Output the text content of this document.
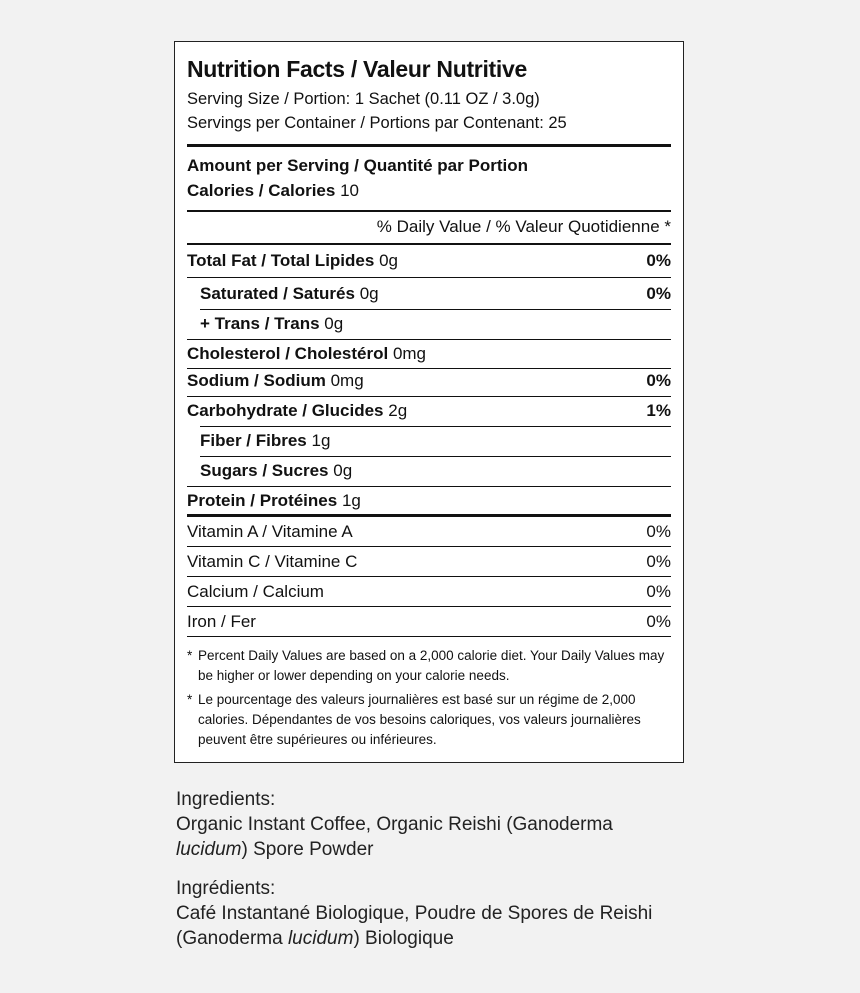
Nutrition Facts / Valeur Nutritive
Serving Size / Portion: 1 Sachet (0.11 OZ / 3.0g)
Servings per Container / Portions par Contenant: 25
Amount per Serving / Quantité par Portion
Calories / Calories 10
% Daily Value / % Valeur Quotidienne *
Total Fat / Total Lipides 0g	0%
Saturated / Saturés 0g	0%
+ Trans / Trans 0g
Cholesterol / Cholestérol 0mg
Sodium / Sodium 0mg	0%
Carbohydrate / Glucides 2g	1%
Fiber / Fibres 1g
Sugars / Sucres 0g
Protein / Protéines 1g
Vitamin A / Vitamine A	0%
Vitamin C / Vitamine C	0%
Calcium / Calcium	0%
Iron / Fer	0%
* Percent Daily Values are based on a 2,000 calorie diet. Your Daily Values may be higher or lower depending on your calorie needs.
* Le pourcentage des valeurs journalières est basé sur un régime de 2,000 calories. Dépendantes de vos besoins caloriques, vos valeurs journalières peuvent être supérieures ou inférieures.
Ingredients:
Organic Instant Coffee, Organic Reishi (Ganoderma lucidum) Spore Powder
Ingrédients:
Café Instantané Biologique, Poudre de Spores de Reishi (Ganoderma lucidum) Biologique
